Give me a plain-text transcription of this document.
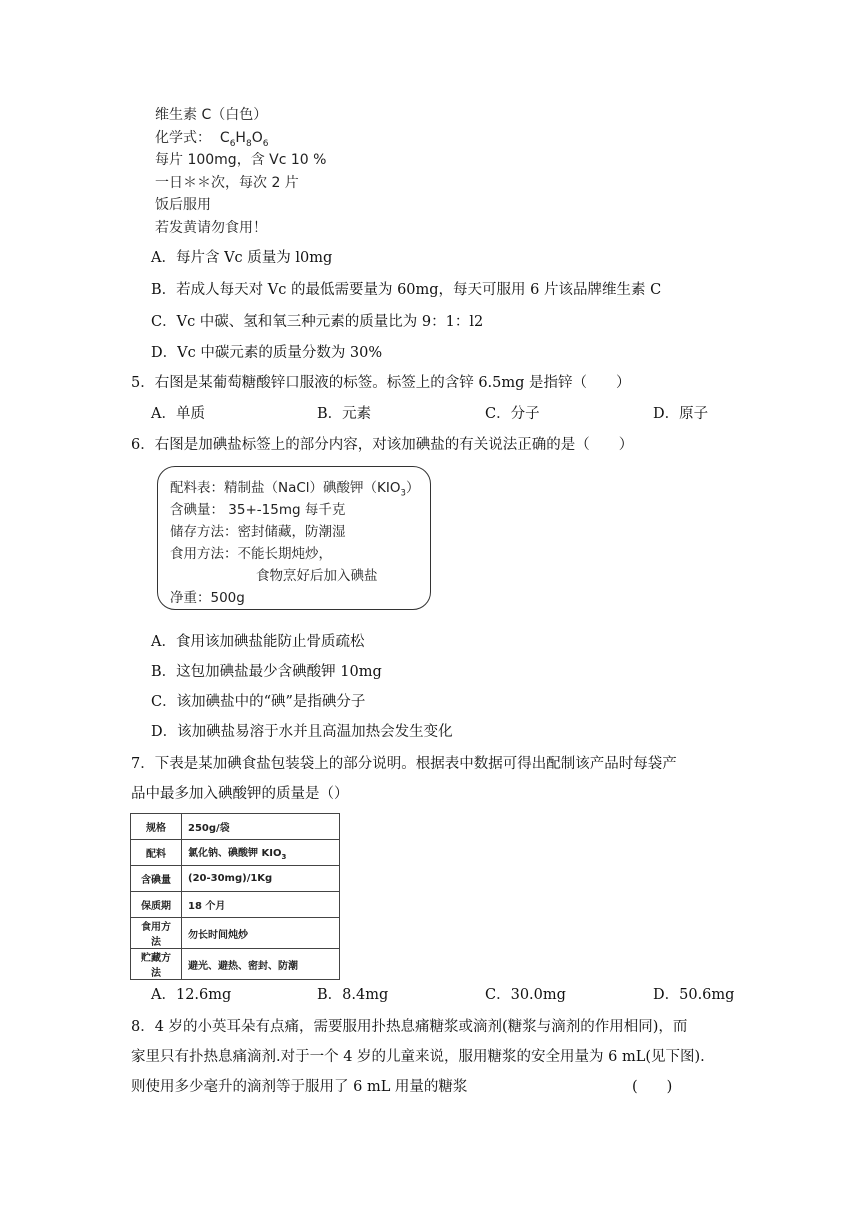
维生素 C（白色）
化学式： $C_6H_8O_6$
每片 100mg，含 Vc 10 %
一日＊＊次，每次 2 片
饭后服用
若发黄请勿食用！
A．每片含 Vc 质量为 l0mg
B．若成人每天对 Vc 的最低需要量为 60mg，每天可服用 6 片该品牌维生素 C
C．Vc 中碳、氢和氧三种元素的质量比为 9：1：l2
D．Vc 中碳元素的质量分数为 30%
5．右图是某葡萄糖酸锌口服液的标签。标签上的含锌 6.5mg 是指锌（　　）
A．单质	B．元素	C．分子	D．原子
6．右图是加碘盐标签上的部分内容，对该加碘盐的有关说法正确的是（　　）
配料表：精制盐（NaCl）碘酸钾$(KIO_3)$
含碘量： 35+-15mg 每千克
储存方法：密封储藏，防潮湿
食用方法：不能长期炖炒，
食物烹好后加入碘盐
净重：500g
A．食用该加碘盐能防止骨质疏松
B．这包加碘盐最少含碘酸钾 10mg
C．该加碘盐中的“碘”是指碘分子
D．该加碘盐易溶于水并且高温加热会发生变化
7．下表是某加碘食盐包装袋上的部分说明。根据表中数据可得出配制该产品时每袋产
品中最多加入碘酸钾的质量是（）
规格	250g/袋
配料	氯化钠、碘酸钾 $KIO_3$
含碘量	(20-30mg)/1Kg
保质期	18 个月
食用方法	勿长时间炖炒
贮藏方法	避光、避热、密封、防潮
A．12.6mg	B．8.4mg	C．30.0mg	D．50.6mg
8．4 岁的小英耳朵有点痛，需要服用扑热息痛糖浆或滴剂(糖浆与滴剂的作用相同)，而
家里只有扑热息痛滴剂.对于一个 4 岁的儿童来说，服用糖浆的安全用量为 6 mL(见下图).
则使用多少毫升的滴剂等于服用了 6 mL 用量的糖浆	(　　)
